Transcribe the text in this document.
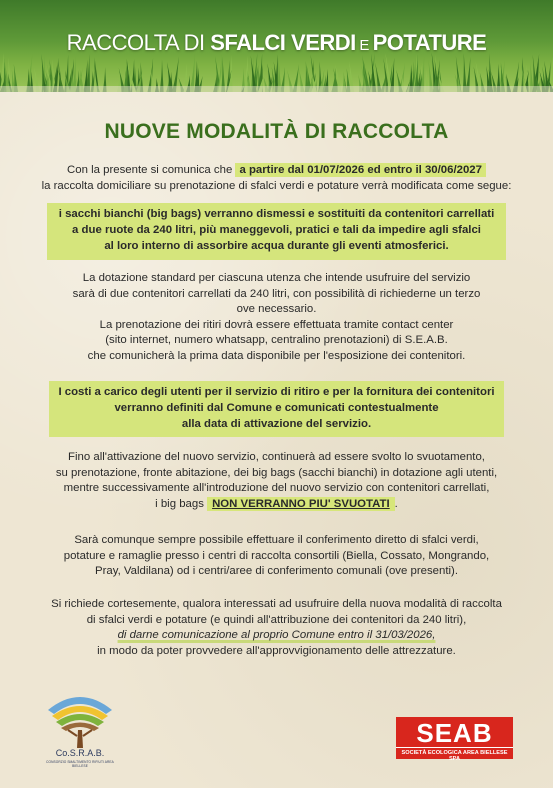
RACCOLTA DI SFALCI VERDI E POTATURE
NUOVE MODALITÀ DI RACCOLTA
Con la presente si comunica che a partire dal 01/07/2026 ed entro il 30/06/2027
la raccolta domiciliare su prenotazione di sfalci verdi e potature verrà modificata come segue:
i sacchi bianchi (big bags) verranno dismessi e sostituiti da contenitori carrellati
a due ruote da 240 litri, più maneggevoli, pratici e tali da impedire agli sfalci
al loro interno di assorbire acqua durante gli eventi atmosferici.
La dotazione standard per ciascuna utenza che intende usufruire del servizio
sarà di due contenitori carrellati da 240 litri, con possibilità di richiederne un terzo
ove necessario.
La prenotazione dei ritiri dovrà essere effettuata tramite contact center
(sito internet, numero whatsapp, centralino prenotazioni) di S.E.A.B.
che comunicherà la prima data disponibile per l'esposizione dei contenitori.
I costi a carico degli utenti per il servizio di ritiro e per la fornitura dei contenitori
verranno definiti dal Comune e comunicati contestualmente
alla data di attivazione del servizio.
Fino all'attivazione del nuovo servizio, continuerà ad essere svolto lo svuotamento,
su prenotazione, fronte abitazione, dei big bags (sacchi bianchi) in dotazione agli utenti,
mentre successivamente all'introduzione del nuovo servizio con contenitori carrellati,
i big bags NON VERRANNO PIU' SVUOTATI .
Sarà comunque sempre possibile effettuare il conferimento diretto di sfalci verdi,
potature e ramaglie presso i centri di raccolta consortili (Biella, Cossato, Mongrando,
Pray, Valdilana) od i centri/aree di conferimento comunali (ove presenti).
Si richiede cortesemente, qualora interessati ad usufruire della nuova modalità di raccolta
di sfalci verdi e potature (e quindi all'attribuzione dei contenitori da 240 litri),
di darne comunicazione al proprio Comune entro il 31/03/2026,
in modo da poter provvedere all'approvvigionamento delle attrezzature.
Co.S.R.A.B.
CONSORZIO SMALTIMENTO RIFIUTI AREA BIELLESE
SEAB
SOCIETÀ ECOLOGICA AREA BIELLESE SPA
